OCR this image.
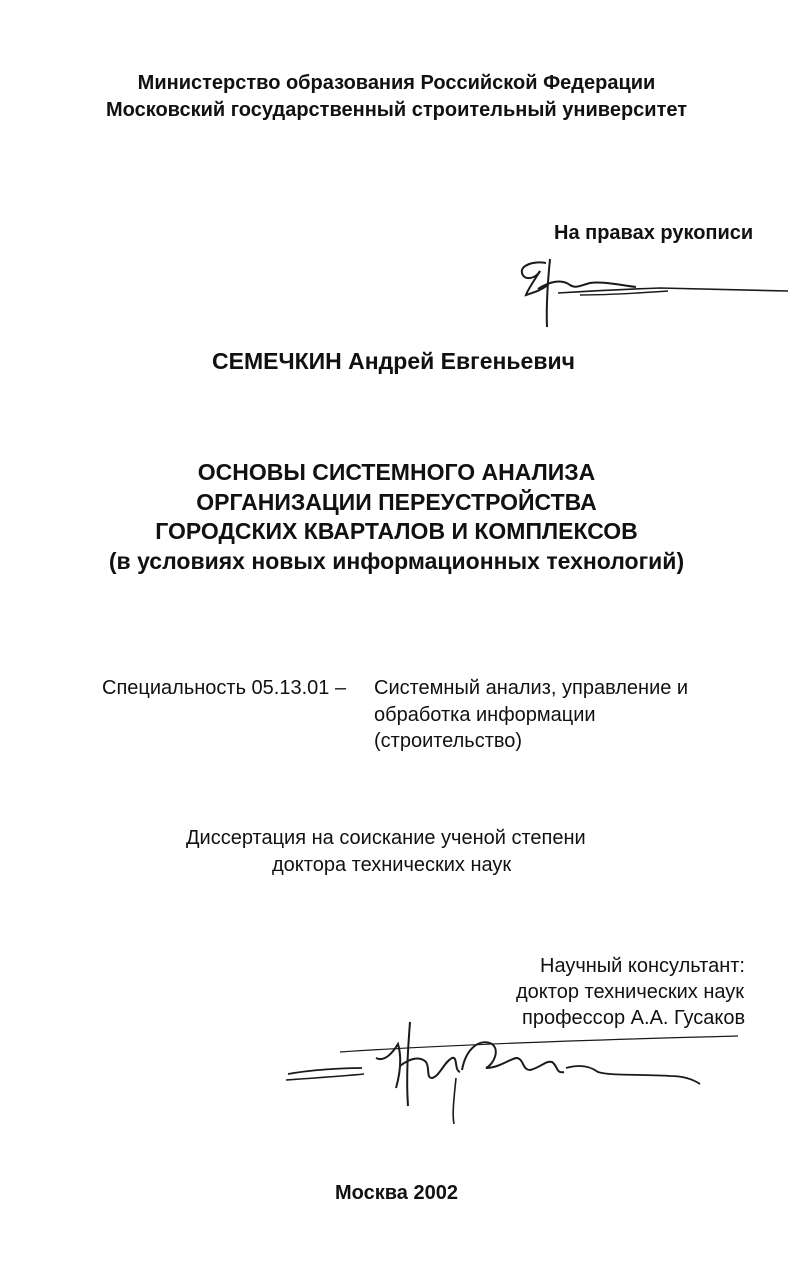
Министерство образования Российской Федерации
Московский государственный строительный университет
На правах рукописи
СЕМЕЧКИН Андрей Евгеньевич
ОСНОВЫ СИСТЕМНОГО АНАЛИЗА
ОРГАНИЗАЦИИ ПЕРЕУСТРОЙСТВА
ГОРОДСКИХ КВАРТАЛОВ И КОМПЛЕКСОВ
(в условиях новых информационных технологий)
Специальность 05.13.01 – Системный анализ, управление и
обработка информации
(строительство)
Диссертация на соискание ученой степени
доктора технических наук
Научный консультант:
доктор технических наук
профессор А.А. Гусаков
Москва 2002
